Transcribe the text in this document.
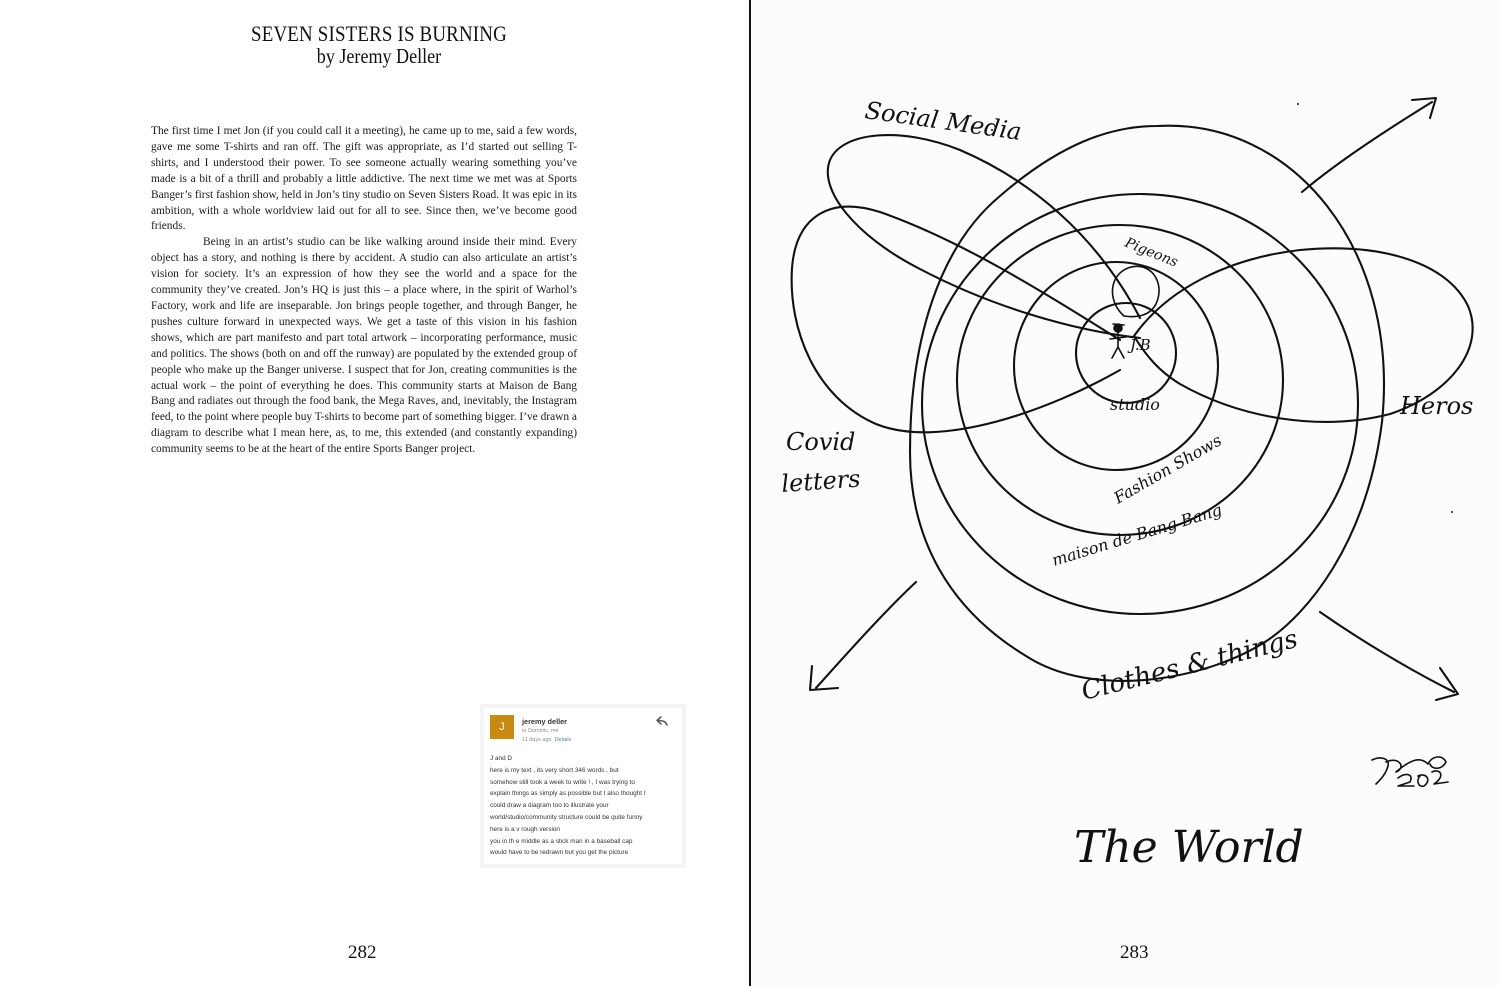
SEVEN SISTERS IS BURNING
by Jeremy Deller

The first time I met Jon (if you could call it a meeting), he came up to me, said a few words, gave me some T-shirts and ran off. The gift was appropriate, as I’d started out selling T-shirts, and I understood their power. To see someone actually wearing something you’ve made is a bit of a thrill and probably a little addictive. The next time we met was at Sports Banger’s first fashion show, held in Jon’s tiny studio on Seven Sisters Road. It was epic in its ambition, with a whole worldview laid out for all to see. Since then, we’ve become good friends.

Being in an artist’s studio can be like walking around inside their mind. Every object has a story, and nothing is there by accident. A studio can also articulate an artist’s vision for society. It’s an expression of how they see the world and a space for the community they’ve created. Jon’s HQ is just this – a place where, in the spirit of Warhol’s Factory, work and life are inseparable. Jon brings people together, and through Banger, he pushes culture forward in unexpected ways. We get a taste of this vision in his fashion shows, which are part manifesto and part total artwork – incorporating performance, music and politics. The shows (both on and off the runway) are populated by the extended group of people who make up the Banger universe. I suspect that for Jon, creating communities is the actual work – the point of everything he does. This community starts at Maison de Bang Bang and radiates out through the food bank, the Mega Raves, and, inevitably, the Instagram feed, to the point where people buy T-shirts to become part of something bigger. I’ve drawn a diagram to describe what I mean here, as, to me, this extended (and constantly expanding) community seems to be at the heart of the entire Sports Banger project.

J	jeremy deller
to Dominic, me
11 days ago Details
J and D
here is my text , its very short 346 words , but
somehow still took a week to write ! , I was trying to
explain things as simply as possible but I also thought I
could draw a diagram too to illustrate your
world/studio/community structure could be quite funny
here is a v rough version
you in th e middle as a stick man in a baseball cap
would have to be redrawn but you get the picture
282
Social Media
Pigeons
J.B
studio	Heros
Covid
letters	Fashion Shows
maison de Bang Bang
Clothes & things
The World
283
